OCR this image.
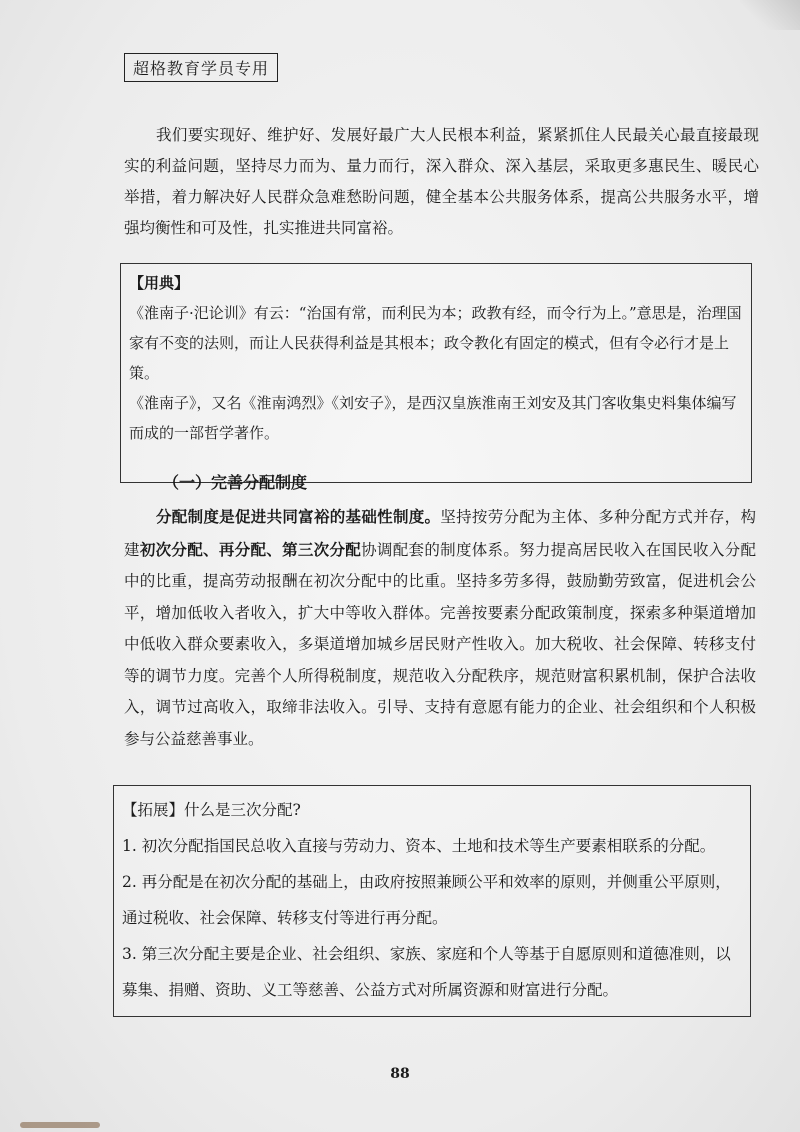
超格教育学员专用

我们要实现好、维护好、发展好最广大人民根本利益，紧紧抓住人民最关心最直接最现实的利益问题，坚持尽力而为、量力而行，深入群众、深入基层，采取更多惠民生、暖民心举措，着力解决好人民群众急难愁盼问题，健全基本公共服务体系，提高公共服务水平，增强均衡性和可及性，扎实推进共同富裕。

【用典】

《淮南子·汜论训》有云：“治国有常，而利民为本；政教有经，而令行为上。”意思是，治理国家有不变的法则，而让人民获得利益是其根本；政令教化有固定的模式，但有令必行才是上策。

《淮南子》，又名《淮南鸿烈》《刘安子》，是西汉皇族淮南王刘安及其门客收集史料集体编写而成的一部哲学著作。

（一）完善分配制度

分配制度是促进共同富裕的基础性制度。坚持按劳分配为主体、多种分配方式并存，构建初次分配、再分配、第三次分配协调配套的制度体系。努力提高居民收入在国民收入分配中的比重，提高劳动报酬在初次分配中的比重。坚持多劳多得，鼓励勤劳致富，促进机会公平，增加低收入者收入，扩大中等收入群体。完善按要素分配政策制度，探索多种渠道增加中低收入群众要素收入，多渠道增加城乡居民财产性收入。加大税收、社会保障、转移支付等的调节力度。完善个人所得税制度，规范收入分配秩序，规范财富积累机制，保护合法收入，调节过高收入，取缔非法收入。引导、支持有意愿有能力的企业、社会组织和个人积极参与公益慈善事业。

【拓展】什么是三次分配?

1. 初次分配指国民总收入直接与劳动力、资本、土地和技术等生产要素相联系的分配。

2. 再分配是在初次分配的基础上，由政府按照兼顾公平和效率的原则，并侧重公平原则，通过税收、社会保障、转移支付等进行再分配。

3. 第三次分配主要是企业、社会组织、家族、家庭和个人等基于自愿原则和道德准则，以募集、捐赠、资助、义工等慈善、公益方式对所属资源和财富进行分配。

88
